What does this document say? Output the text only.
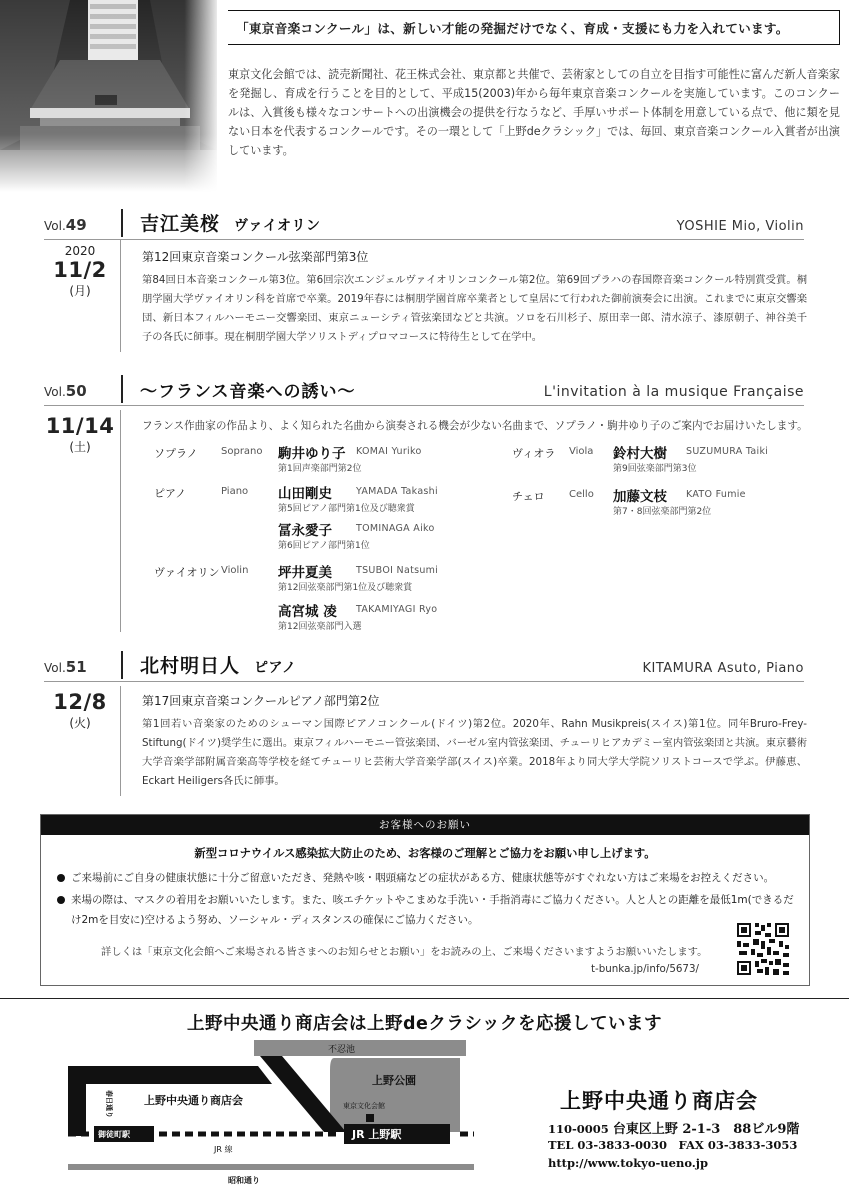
「東京音楽コンクール」は、新しい才能の発掘だけでなく、育成・支援にも力を入れています。

東京文化会館では、読売新聞社、花王株式会社、東京都と共催で、芸術家としての自立を目指す可能性に富んだ新人音楽家を発掘し、育成を行うことを目的として、平成15(2003)年から毎年東京音楽コンクールを実施しています。このコンクールは、入賞後も様々なコンサートへの出演機会の提供を行なうなど、手厚いサポート体制を用意している点で、他に類を見ない日本を代表するコンクールです。その一環として「上野deクラシック」では、毎回、東京音楽コンクール入賞者が出演しています。

Vol.49	吉江美桜 ヴァイオリン	YOSHIE Mio, Violin
2020
11/2
(月)
第12回東京音楽コンクール弦楽部門第3位

第84回日本音楽コンクール第3位。第6回宗次エンジェルヴァイオリンコンクール第2位。第69回プラハの春国際音楽コンクール特別賞受賞。桐朋学園大学ヴァイオリン科を首席で卒業。2019年春には桐朋学園首席卒業者として皇居にて行われた御前演奏会に出演。これまでに東京交響楽団、新日本フィルハーモニー交響楽団、東京ニューシティ管弦楽団などと共演。ソロを石川杉子、原田幸一郎、清水涼子、漆原朝子、神谷美千子の各氏に師事。現在桐朋学園大学ソリストディプロマコースに特待生として在学中。

Vol.50	〜フランス音楽への誘い〜	L'invitation à la musique Française
11/14
(土)
フランス作曲家の作品より、よく知られた名曲から演奏される機会が少ない名曲まで、ソプラノ・駒井ゆり子のご案内でお届けいたします。
ソプラノ Soprano 駒井ゆり子 KOMAI Yuriko
第1回声楽部門第2位
ピアノ	Piano 山田剛史	YAMADA Takashi
第5回ピアノ部門第1位及び聴衆賞
冨永愛子	TOMINAGA Aiko
第6回ピアノ部門第1位
ヴァイオリン Violin 坪井夏美	TSUBOI Natsumi
第12回弦楽部門第1位及び聴衆賞
高宮城 凌 TAKAMIYAGI Ryo
第12回弦楽部門入選
ヴィオラ Viola 鈴村大樹 SUZUMURA Taiki
第9回弦楽部門第3位
チェロ Cello 加藤文枝 KATO Fumie
第7・8回弦楽部門第2位
Vol.51	北村明日人 ピアノ	KITAMURA Asuto, Piano
12/8
(火)
第17回東京音楽コンクールピアノ部門第2位

第1回若い音楽家のためのシューマン国際ピアノコンクール(ドイツ)第2位。2020年、Rahn Musikpreis(スイス)第1位。同年Bruro-Frey-Stiftung(ドイツ)奨学生に選出。東京フィルハーモニー管弦楽団、バーゼル室内管弦楽団、チューリヒアカデミー室内管弦楽団と共演。東京藝術大学音楽学部附属音楽高等学校を経てチューリヒ芸術大学音楽学部(スイス)卒業。2018年より同大学大学院ソリストコースで学ぶ。伊藤恵、Eckart Heiligers各氏に師事。

お客様へのお願い
新型コロナウイルス感染拡大防止のため、お客様のご理解とご協力をお願い申し上げます。
ご来場前にご自身の健康状態に十分ご留意いただき、発熱や咳・咽頭痛などの症状がある方、健康状態等がすぐれない方はご来場をお控えください。
来場の際は、マスクの着用をお願いいたします。また、咳エチケットやこまめな手洗い・手指消毒にご協力ください。人と人との距離を最低1m(できるだけ2mを目安に)空けるよう努め、ソーシャル・ディスタンスの確保にご協力ください。
詳しくは「東京文化会館へご来場される皆さまへのお知らせとお願い」をお読みの上、ご来場くださいますようお願いいたします。
t-bunka.jp/info/5673/
上野中央通り商店会は上野deクラシックを応援しています
不忍池
上野公園
東京文化会館
JR 上野駅
上野中央通り商店会
御徒町駅
JR 線
昭和通り
春日通り	上野中央通り商店会
110-0005 台東区上野 2-1-3　88ビル9階
TEL 03-3833-0030　FAX 03-3833-3053
http://www.tokyo-ueno.jp
